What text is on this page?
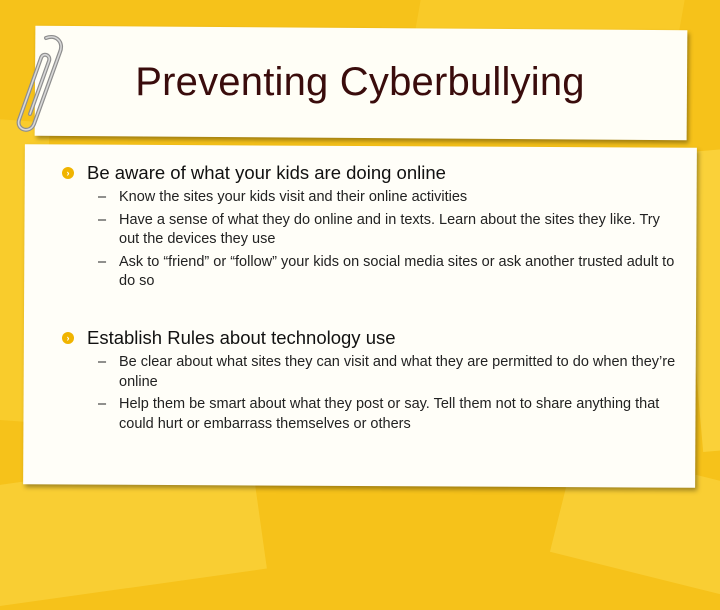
Preventing Cyberbullying
› Be aware of what your kids are doing online
– Know the sites your kids visit and their online activities
– Have a sense of what they do online and in texts. Learn about the sites they like. Try out the devices they use
– Ask to “friend” or “follow” your kids on social media sites or ask another trusted adult to do so
› Establish Rules about technology use
– Be clear about what sites they can visit and what they are permitted to do when they’re online
– Help them be smart about what they post or say. Tell them not to share anything that could hurt or embarrass themselves or others
